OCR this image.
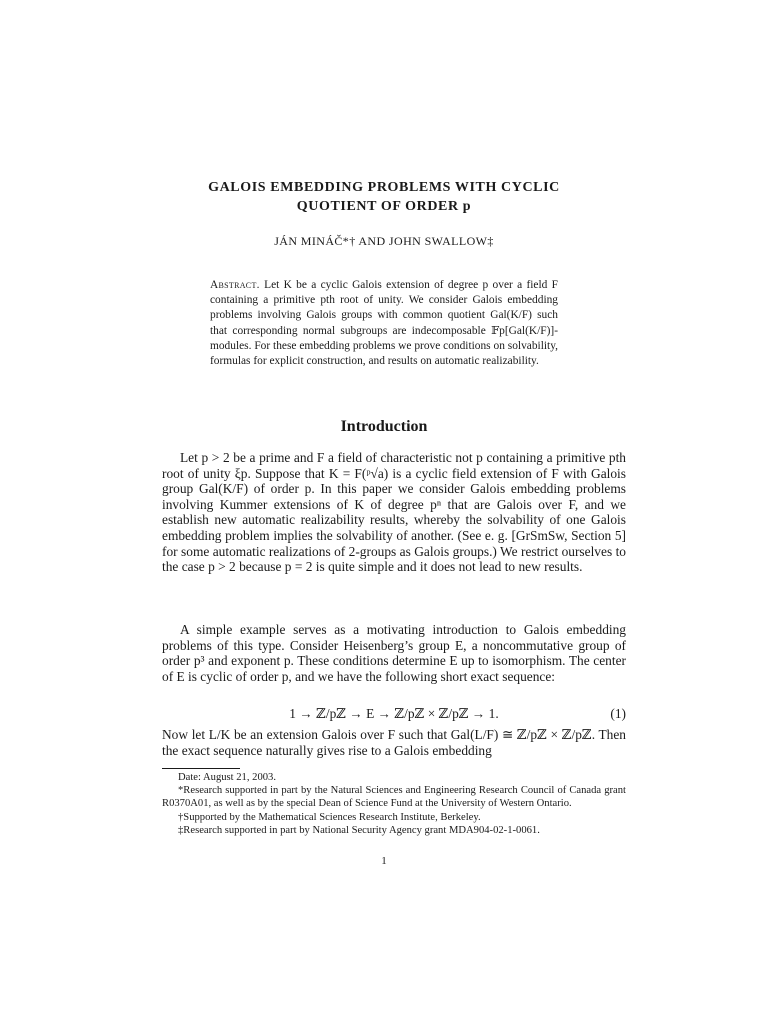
GALOIS EMBEDDING PROBLEMS WITH CYCLIC
QUOTIENT OF ORDER p
JÁN MINÁČ*† AND JOHN SWALLOW‡
Abstract. Let K be a cyclic Galois extension of degree p over a field F containing a primitive pth root of unity. We consider Galois embedding problems involving Galois groups with common quotient Gal(K/F) such that corresponding normal subgroups are indecomposable 𝔽p[Gal(K/F)]-modules. For these embedding problems we prove conditions on solvability, formulas for explicit construction, and results on automatic realizability.
Introduction
Let p > 2 be a prime and F a field of characteristic not p containing a primitive pth root of unity ξp. Suppose that K = F(ᵖ√a) is a cyclic field extension of F with Galois group Gal(K/F) of order p. In this paper we consider Galois embedding problems involving Kummer extensions of K of degree pⁿ that are Galois over F, and we establish new automatic realizability results, whereby the solvability of one Galois embedding problem implies the solvability of another. (See e. g. [GrSmSw, Section 5] for some automatic realizations of 2-groups as Galois groups.) We restrict ourselves to the case p > 2 because p = 2 is quite simple and it does not lead to new results.
A simple example serves as a motivating introduction to Galois embedding problems of this type. Consider Heisenberg’s group E, a noncommutative group of order p³ and exponent p. These conditions determine E up to isomorphism. The center of E is cyclic of order p, and we have the following short exact sequence:
1 → ℤ/pℤ → E → ℤ/pℤ × ℤ/pℤ → 1.	(1)
Now let L/K be an extension Galois over F such that Gal(L/F) ≅ ℤ/pℤ × ℤ/pℤ. Then the exact sequence naturally gives rise to a Galois embedding

Date: August 21, 2003.

*Research supported in part by the Natural Sciences and Engineering Research Council of Canada grant R0370A01, as well as by the special Dean of Science Fund at the University of Western Ontario.

†Supported by the Mathematical Sciences Research Institute, Berkeley.

‡Research supported in part by National Security Agency grant MDA904-02-1-0061.

1
